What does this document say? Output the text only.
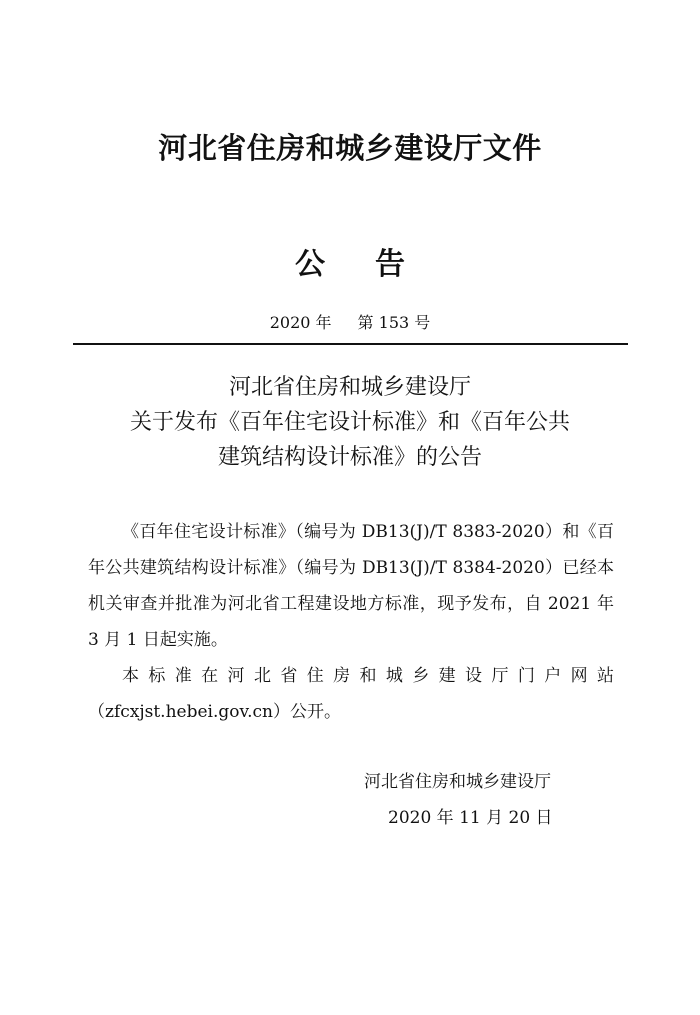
河北省住房和城乡建设厅文件
公 告
2020 年 第 153 号
河北省住房和城乡建设厅
关于发布《百年住宅设计标准》和《百年公共
建筑结构设计标准》的公告

《百年住宅设计标准》（编号为 DB13(J)/T 8383-2020）和《百年公共建筑结构设计标准》（编号为 DB13(J)/T 8384-2020）已经本机关审查并批准为河北省工程建设地方标准，现予发布，自 2021 年 3 月 1 日起实施。

本标准在河北省住房和城乡建设厅门户网站（zfcxjst.hebei.gov.cn）公开。

河北省住房和城乡建设厅
2020 年 11 月 20 日
